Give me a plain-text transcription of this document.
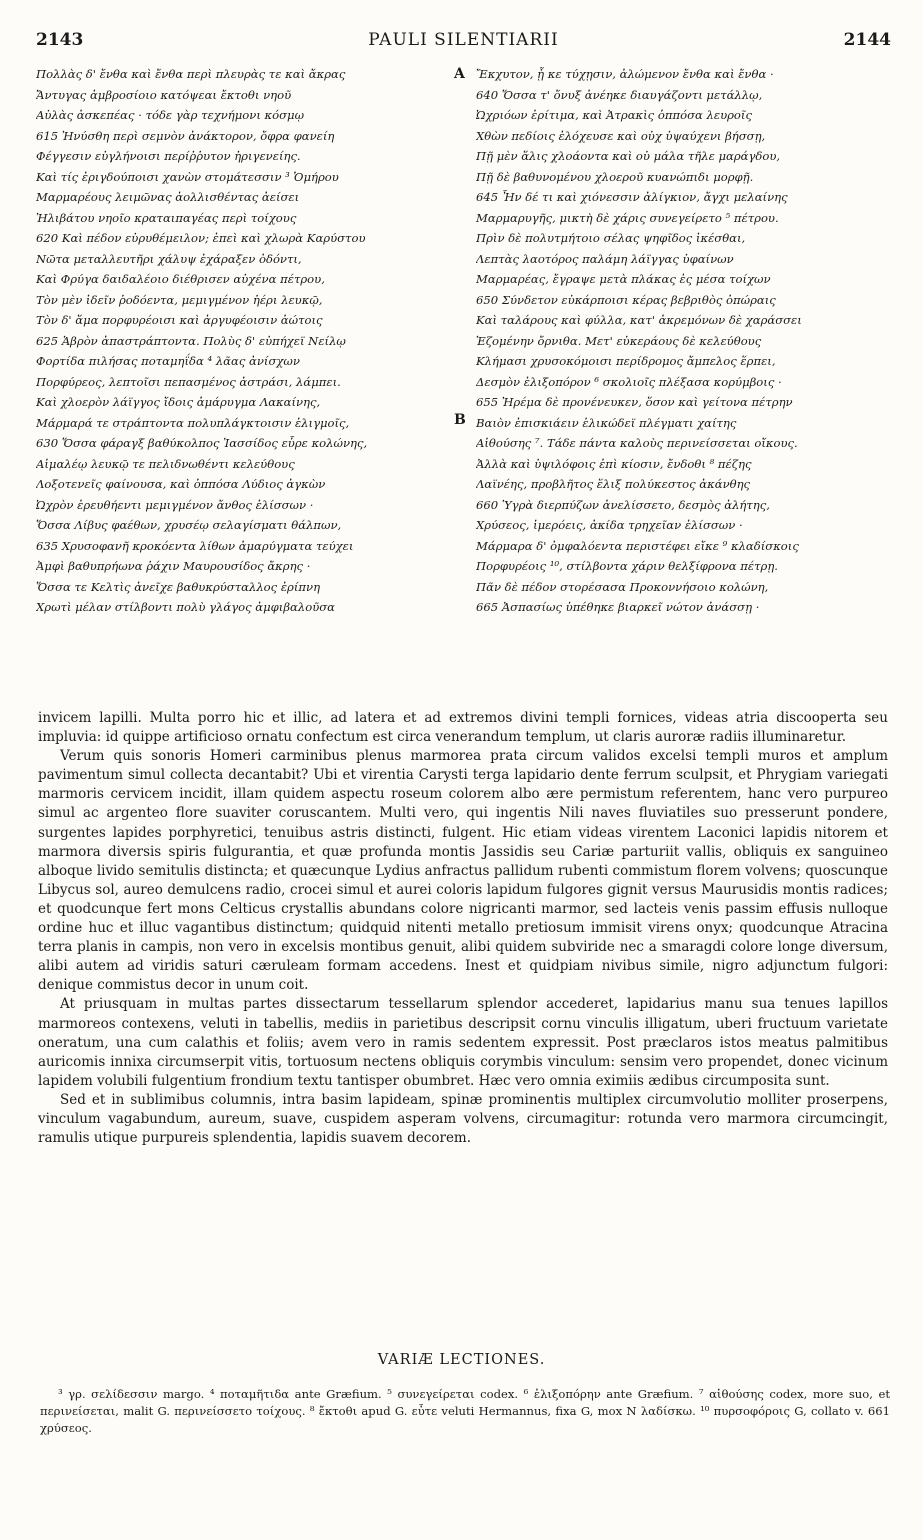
2143	PAULI SILENTIARII	2144
Πολλὰς δ' ἔνθα καὶ ἔνθα περὶ πλευρὰς τε καὶ ἄκρας
Ἄντυγας ἀμβροσίοιο κατόψεαι ἔκτοθι νηοῦ
Αὐλὰς ἀσκεπέας · τόδε γὰρ τεχνήμονι κόσμῳ
615 Ἠνύσθη περὶ σεμνὸν ἀνάκτορον, ὄφρα φανείη
Φέγγεσιν εὐγλήνοισι περίῤῥυτον ἠριγενείης.
Καὶ τίς ἐριγδούποισι χανὼν στομάτεσσιν ³ Ὁμήρου
Μαρμαρέους λειμῶνας ἀολλισθέντας ἀείσει
Ἠλιβάτου νηοῖο κραταιπαγέας περὶ τοίχους
620 Καὶ πέδον εὐρυθέμειλον; ἐπεὶ καὶ χλωρὰ Καρύστου
Νῶτα μεταλλευτῆρι χάλυψ ἐχάραξεν ὀδόντι,
Καὶ Φρύγα δαιδαλέοιο διέθρισεν αὐχένα πέτρου,
Τὸν μὲν ἰδεῖν ῥοδόεντα, μεμιγμένον ἠέρι λευκῷ,
Τὸν δ' ἅμα πορφυρέοισι καὶ ἀργυφέοισιν ἀώτοις
625 Ἁβρὸν ἀπαστράπτοντα. Πολὺς δ' εὐπήχεϊ Νείλῳ
Φορτίδα πιλήσας ποταμηΐδα ⁴ λᾶας ἀνίσχων
Πορφύρεος, λεπτοῖσι πεπασμένος ἀστράσι, λάμπει.
Καὶ χλοερὸν λάϊγγος ἴδοις ἀμάρυγμα Λακαίνης,
Μάρμαρά τε στράπτοντα πολυπλάγκτοισιν ἑλιγμοῖς,
630 Ὅσσα φάραγξ βαθύκολπος Ἰασσίδος εὗρε κολώνης,
Αἱμαλέῳ λευκῷ τε πελιδνωθέντι κελεύθους
Λοξοτενεῖς φαίνουσα, καὶ ὁππόσα Λύδιος ἀγκὼν
Ὠχρὸν ἐρευθήεντι μεμιγμένον ἄνθος ἑλίσσων ·
Ὅσσα Λίβυς φαέθων, χρυσέῳ σελαγίσματι θάλπων,
635 Χρυσοφανῆ κροκόεντα λίθων ἀμαρύγματα τεύχει
Ἀμφὶ βαθυπρήωνα ῥάχιν Μαυρουσίδος ἄκρης ·
Ὅσσα τε Κελτὶς ἀνεῖχε βαθυκρύσταλλος ἐρίπνη
Χρωτὶ μέλαν στίλβοντι πολὺ γλάγος ἀμφιβαλοῦσα
Ἔκχυτον, ᾗ κε τύχῃσιν, ἀλώμενον ἔνθα καὶ ἔνθα ·
640 Ὅσσα τ' ὄνυξ ἀνέηκε διαυγάζοντι μετάλλῳ,
Ὠχριόων ἐρίτιμα, καὶ Ἀτρακὶς ὁππόσα λευροῖς
Χθὼν πεδίοις ἐλόχευσε καὶ οὐχ ὑψαύχενι βήσσῃ,
Πῇ μὲν ἅλις χλοάοντα καὶ οὐ μάλα τῆλε μαράγδου,
Πῇ δὲ βαθυνομένου χλοεροῦ κυανώπιδι μορφῇ.
645 Ἦν δέ τι καὶ χιόνεσσιν ἀλίγκιον, ἄγχι μελαίνης
Μαρμαρυγῆς, μικτὴ δὲ χάρις συνεγείρετο ⁵ πέτρου.
Πρὶν δὲ πολυτμήτοιο σέλας ψηφῖδος ἱκέσθαι,
Λεπτὰς λαοτόρος παλάμη λάϊγγας ὑφαίνων
Μαρμαρέας, ἔγραψε μετὰ πλάκας ἐς μέσα τοίχων
650 Σύνδετον εὐκάρποισι κέρας βεβριθὸς ὀπώραις
Καὶ ταλάρους καὶ φύλλα, κατ' ἀκρεμόνων δὲ χαράσσει
Ἑζομένην ὄρνιθα. Μετ' εὐκεράους δὲ κελεύθους
Κλήμασι χρυσοκόμοισι περίδρομος ἄμπελος ἕρπει,
Δεσμὸν ἑλιξοπόρον ⁶ σκολιοῖς πλέξασα κορύμβοις ·
655 Ἠρέμα δὲ προνένευκεν, ὅσον καὶ γείτονα πέτρην
Βαιὸν ἐπισκιάειν ἑλικώδεϊ πλέγματι χαίτης
Αἰθούσης ⁷. Τάδε πάντα καλοὺς περινείσσεται οἴκους.
Ἀλλὰ καὶ ὑψιλόφοις ἐπὶ κίοσιν, ἔνδοθι ⁸ πέζης
Λαϊνέης, προβλῆτος ἕλιξ πολύκεστος ἀκάνθης
660 Ὑγρὰ διερπύζων ἀνελίσσετο, δεσμὸς ἀλήτης,
Χρύσεος, ἱμερόεις, ἀκίδα τρηχεῖαν ἑλίσσων ·
Μάρμαρα δ' ὀμφαλόεντα περιστέφει εἴκε ⁹ κλαδίσκοις
Πορφυρέοις ¹⁰, στίλβοντα χάριν θελξίφρονα πέτρῃ.
Πᾶν δὲ πέδον στορέσασα Προκοννήσοιο κολώνη,
665 Ἀσπασίως ὑπέθηκε βιαρκεῖ νώτον ἀνάσσῃ ·
A
B

invicem lapilli. Multa porro hic et illic, ad latera et ad extremos divini templi fornices, videas atria discooperta seu impluvia: id quippe artificioso ornatu confectum est circa venerandum templum, ut claris auroræ radiis illuminaretur.

Verum quis sonoris Homeri carminibus plenus marmorea prata circum validos excelsi templi muros et amplum pavimentum simul collecta decantabit? Ubi et virentia Carysti terga lapidario dente ferrum sculpsit, et Phrygiam variegati marmoris cervicem incidit, illam quidem aspectu roseum colorem albo ære permistum referentem, hanc vero purpureo simul ac argenteo flore suaviter coruscantem. Multi vero, qui ingentis Nili naves fluviatiles suo presserunt pondere, surgentes lapides porphyretici, tenuibus astris distincti, fulgent. Hic etiam videas virentem Laconici lapidis nitorem et marmora diversis spiris fulgurantia, et quæ profunda montis Jassidis seu Cariæ parturiit vallis, obliquis ex sanguineo alboque livido semitulis distincta; et quæcunque Lydius anfractus pallidum rubenti commistum florem volvens; quoscunque Libycus sol, aureo demulcens radio, crocei simul et aurei coloris lapidum fulgores gignit versus Maurusidis montis radices; et quodcunque fert mons Celticus crystallis abundans colore nigricanti marmor, sed lacteis venis passim effusis nulloque ordine huc et illuc vagantibus distinctum; quidquid nitenti metallo pretiosum immisit virens onyx; quodcunque Atracina terra planis in campis, non vero in excelsis montibus genuit, alibi quidem subviride nec a smaragdi colore longe diversum, alibi autem ad viridis saturi cæruleam formam accedens. Inest et quidpiam nivibus simile, nigro adjunctum fulgori: denique commistus decor in unum coit.

At priusquam in multas partes dissectarum tessellarum splendor accederet, lapidarius manu sua tenues lapillos marmoreos contexens, veluti in tabellis, mediis in parietibus descripsit cornu vinculis illigatum, uberi fructuum varietate oneratum, una cum calathis et foliis; avem vero in ramis sedentem expressit. Post præclaros istos meatus palmitibus auricomis innixa circumserpit vitis, tortuosum nectens obliquis corymbis vinculum: sensim vero propendet, donec vicinum lapidem volubili fulgentium frondium textu tantisper obumbret. Hæc vero omnia eximiis ædibus circumposita sunt.

Sed et in sublimibus columnis, intra basim lapideam, spinæ prominentis multiplex circumvolutio molliter proserpens, vinculum vagabundum, aureum, suave, cuspidem asperam volvens, circumagitur: rotunda vero marmora circumcingit, ramulis utique purpureis splendentia, lapidis suavem decorem.

VARIÆ LECTIONES.
³ γρ. σελίδεσσιν margo. ⁴ ποταμῆτιδα ante Græfium. ⁵ συνεγείρεται codex. ⁶ ἑλιξοπόρην ante Græfium. ⁷ αἰθούσης codex, more suo, et περινείσεται, malit G. περινείσσετο τοίχους. ⁸ ἔκτοθι apud G. εὖτε veluti Hermannus, fixa G, mox N λαδίσκω. ¹⁰ πυρσοφόροις G, collato v. 661 χρύσεος.
